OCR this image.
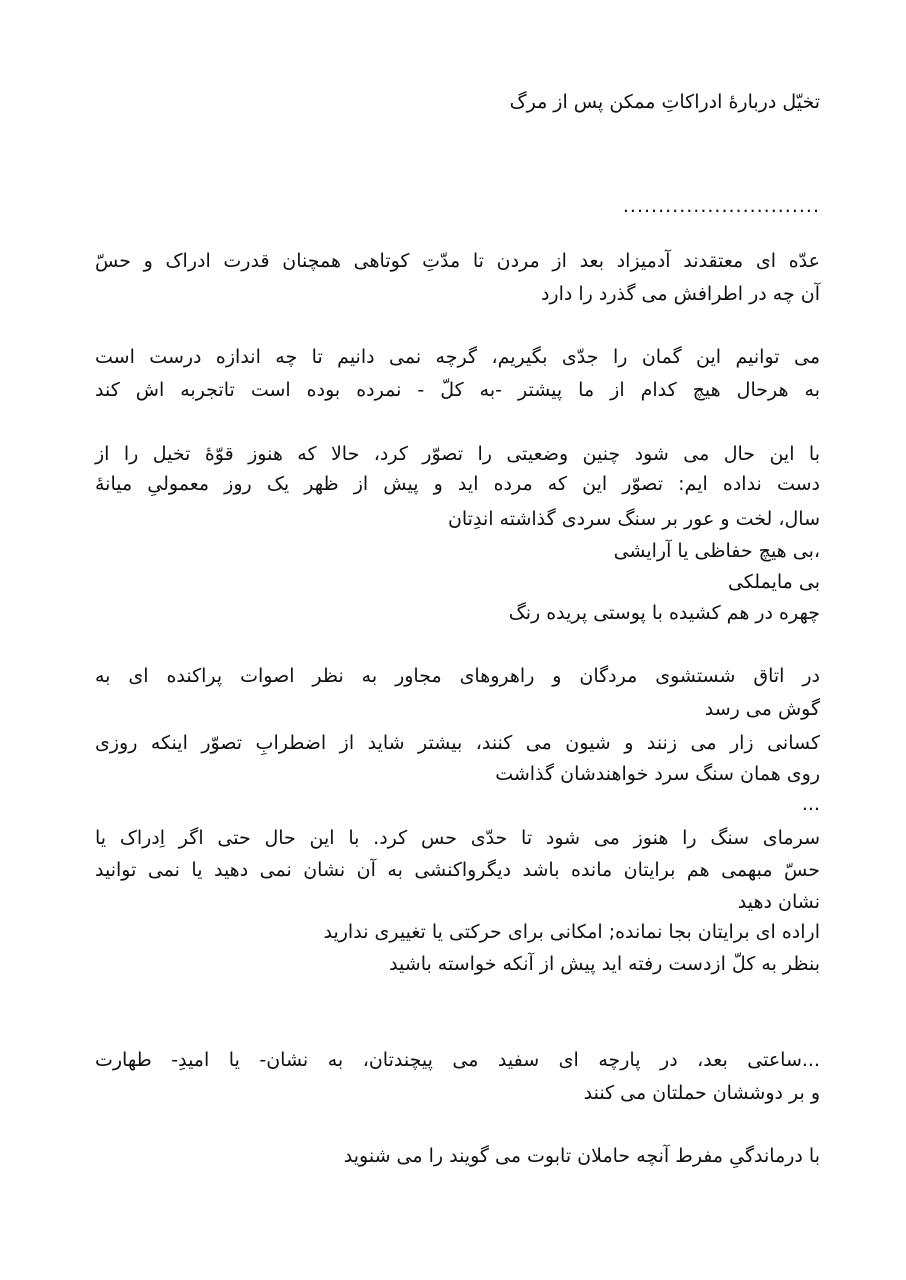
تخیّل دربارهٔ ادراکاتِ ممکن پس از مرگ
............................
عدّه ای معتقدند آدمیزاد بعد از مردن تا مدّتِ کوتاهی همچنان قدرت ادراک و حسّ
آن چه در اطرافش می گذرد را دارد
می توانیم این گمان را جدّی بگیریم، گرچه نمی دانیم تا چه اندازه درست است
به هرحال هیچ کدام از ما پیشتر -به کلّ - نمرده بوده است تاتجربه اش کند
با این حال می شود چنین وضعیتی را تصوّر کرد، حالا که هنوز قوّهٔ تخیل را از
دست نداده ایم: تصوّر این که مرده اید و پیش از ظهر یک روز معمولیِ میانهٔ
سال، لخت و عور بر سنگ سردی گذاشته اندِتان
،بی هیچ حفاظی یا آرایشی
بی مایملکی
چهره در هم کشیده با پوستی پریده رنگ
در اتاق شستشوی مردگان و راهروهای مجاور به نظر اصوات پراکنده ای به
گوش می رسد
کسانی زار می زنند و شیون می کنند، بیشتر شاید از اضطرابِ تصوّر اینکه روزی
روی همان سنگ سرد خواهندشان گذاشت
...
سرمای سنگ را هنوز می شود تا حدّی حس کرد. با این حال حتی اگر اِدراک یا
حسّ مبهمی هم برایتان مانده باشد دیگرواکنشی به آن نشان نمی دهید یا نمی توانید
نشان دهید
اراده ای برایتان بجا نمانده; امکانی برای حرکتی یا تغییری ندارید
بنظر به کلّ ازدست رفته اید پیش از آنکه خواسته باشید
...ساعتی بعد، در پارچه ای سفید می پیچندتان، به نشان- یا امیدِ- طهارت
و بر دوششان حملتان می کنند
با درماندگیِ مفرط آنچه حاملان تابوت می گویند را می شنوید
